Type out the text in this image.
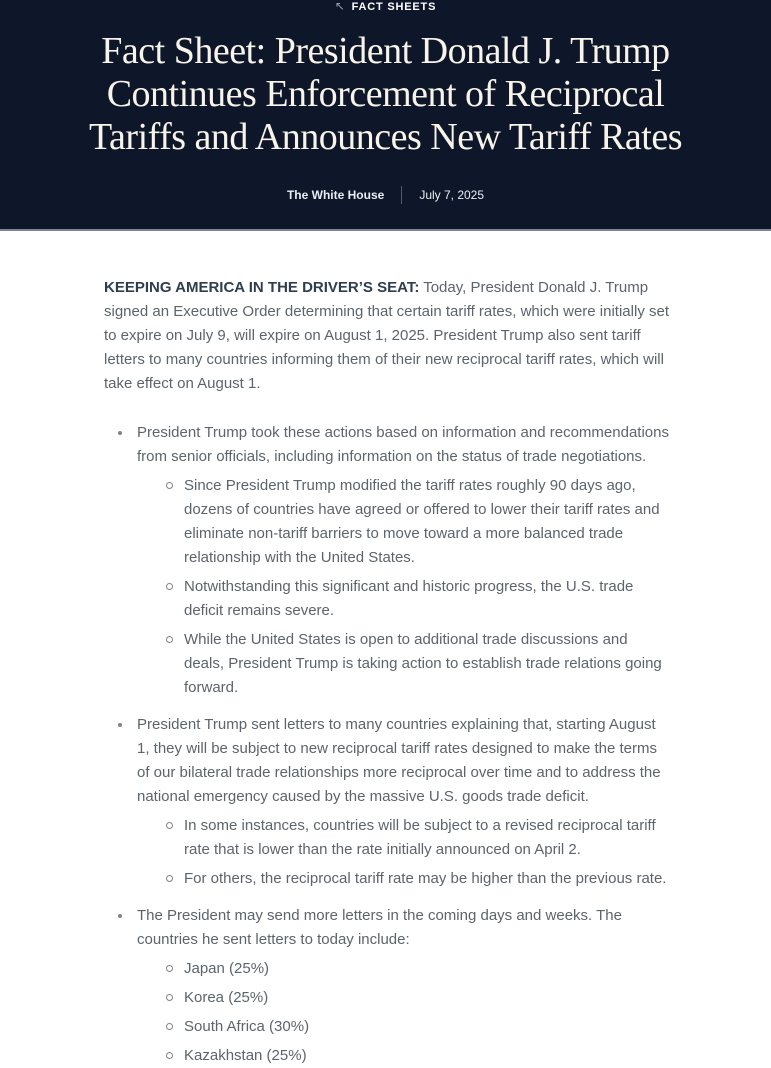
↖ FACT SHEETS
Fact Sheet: President Donald J. Trump
Continues Enforcement of Reciprocal
Tariffs and Announces New Tariff Rates
The White House	July 7, 2025

KEEPING AMERICA IN THE DRIVER’S SEAT: Today, President Donald J. Trump signed an Executive Order determining that certain tariff rates, which were initially set to expire on July 9, will expire on August 1, 2025. President Trump also sent tariff letters to many countries informing them of their new reciprocal tariff rates, which will take effect on August 1.

President Trump took these actions based on information and recommendations from senior officials, including information on the status of trade negotiations.
Since President Trump modified the tariff rates roughly 90 days ago, dozens of countries have agreed or offered to lower their tariff rates and eliminate non-tariff barriers to move toward a more balanced trade relationship with the United States.
Notwithstanding this significant and historic progress, the U.S. trade deficit remains severe.
While the United States is open to additional trade discussions and deals, President Trump is taking action to establish trade relations going forward.
President Trump sent letters to many countries explaining that, starting August 1, they will be subject to new reciprocal tariff rates designed to make the terms of our bilateral trade relationships more reciprocal over time and to address the national emergency caused by the massive U.S. goods trade deficit.
In some instances, countries will be subject to a revised reciprocal tariff rate that is lower than the rate initially announced on April 2.
For others, the reciprocal tariff rate may be higher than the previous rate.
The President may send more letters in the coming days and weeks. The countries he sent letters to today include:
Japan (25%)
Korea (25%)
South Africa (30%)
Kazakhstan (25%)
